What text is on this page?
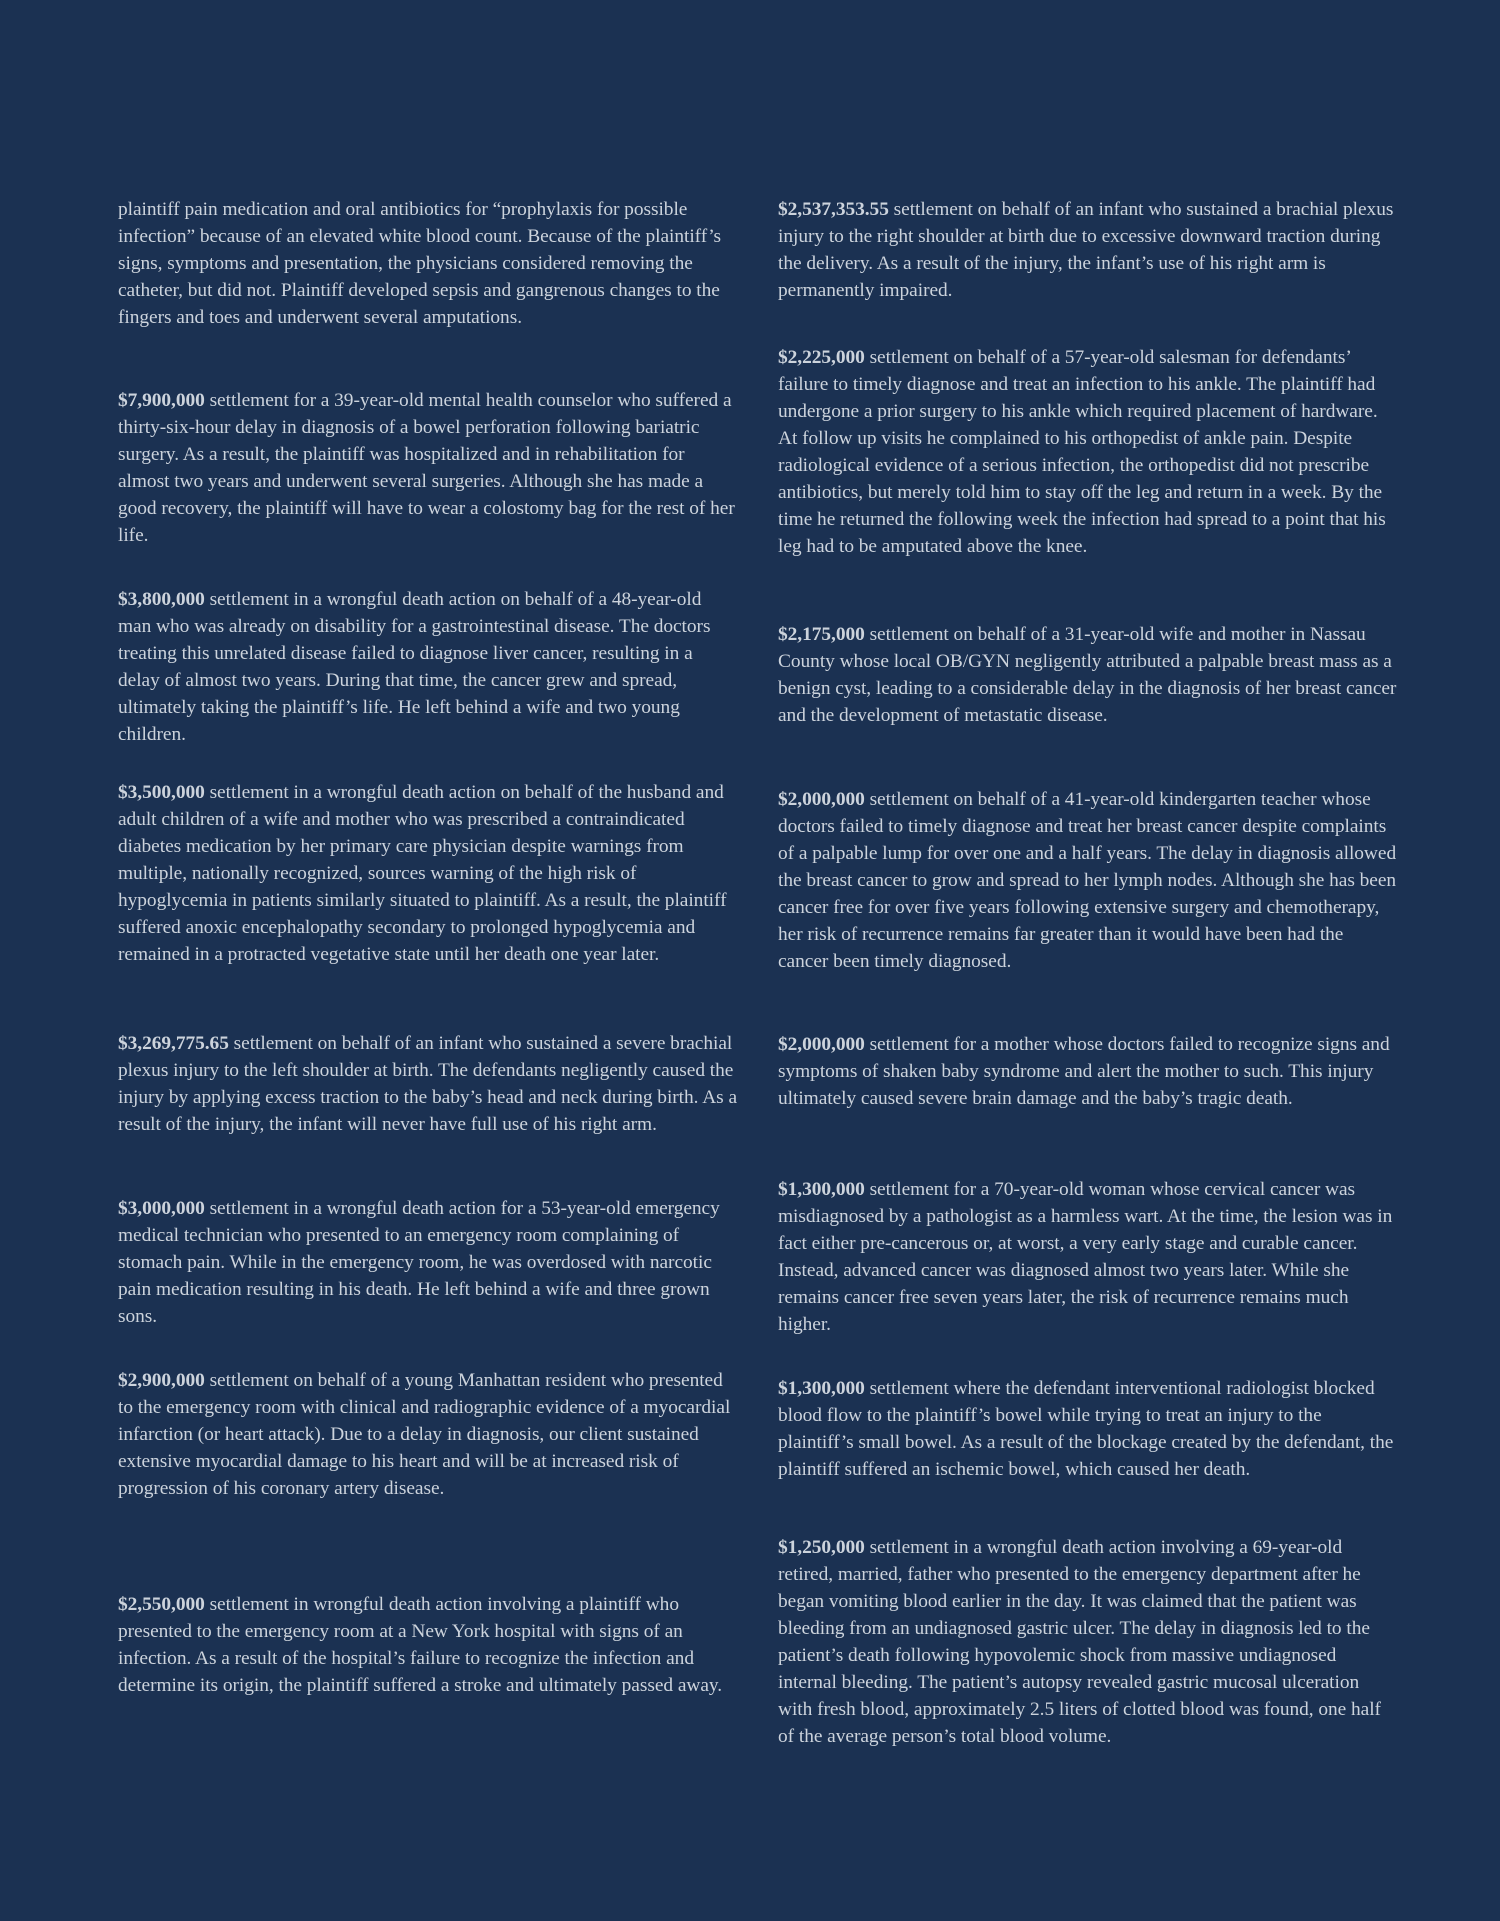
plaintiff pain medication and oral antibiotics for “prophylaxis for possible infection” because of an elevated white blood count. Because of the plaintiff’s signs, symptoms and presentation, the physicians considered removing the catheter, but did not. Plaintiff developed sepsis and gangrenous changes to the fingers and toes and underwent several amputations.

$7,900,000 settlement for a 39-year-old mental health counselor who suffered a thirty-six-hour delay in diagnosis of a bowel perforation following bariatric surgery. As a result, the plaintiff was hospitalized and in rehabilitation for almost two years and underwent several surgeries. Although she has made a good recovery, the plaintiff will have to wear a colostomy bag for the rest of her life.

$3,800,000 settlement in a wrongful death action on behalf of a 48-year-old man who was already on disability for a gastrointestinal disease. The doctors treating this unrelated disease failed to diagnose liver cancer, resulting in a delay of almost two years. During that time, the cancer grew and spread, ultimately taking the plaintiff’s life. He left behind a wife and two young children.

$3,500,000 settlement in a wrongful death action on behalf of the husband and adult children of a wife and mother who was prescribed a contraindicated diabetes medication by her primary care physician despite warnings from multiple, nationally recognized, sources warning of the high risk of hypoglycemia in patients similarly situated to plaintiff. As a result, the plaintiff suffered anoxic encephalopathy secondary to prolonged hypoglycemia and remained in a protracted vegetative state until her death one year later.

$3,269,775.65 settlement on behalf of an infant who sustained a severe brachial plexus injury to the left shoulder at birth. The defendants negligently caused the injury by applying excess traction to the baby’s head and neck during birth. As a result of the injury, the infant will never have full use of his right arm.

$3,000,000 settlement in a wrongful death action for a 53-year-old emergency medical technician who presented to an emergency room complaining of stomach pain. While in the emergency room, he was overdosed with narcotic pain medication resulting in his death. He left behind a wife and three grown sons.

$2,900,000 settlement on behalf of a young Manhattan resident who presented to the emergency room with clinical and radiographic evidence of a myocardial infarction (or heart attack). Due to a delay in diagnosis, our client sustained extensive myocardial damage to his heart and will be at increased risk of progression of his coronary artery disease.

$2,550,000 settlement in wrongful death action involving a plaintiff who presented to the emergency room at a New York hospital with signs of an infection. As a result of the hospital’s failure to recognize the infection and determine its origin, the plaintiff suffered a stroke and ultimately passed away.

$2,537,353.55 settlement on behalf of an infant who sustained a brachial plexus injury to the right shoulder at birth due to excessive downward traction during the delivery. As a result of the injury, the infant’s use of his right arm is permanently impaired.

$2,225,000 settlement on behalf of a 57-year-old salesman for defendants’ failure to timely diagnose and treat an infection to his ankle. The plaintiff had undergone a prior surgery to his ankle which required placement of hardware. At follow up visits he complained to his orthopedist of ankle pain. Despite radiological evidence of a serious infection, the orthopedist did not prescribe antibiotics, but merely told him to stay off the leg and return in a week. By the time he returned the following week the infection had spread to a point that his leg had to be amputated above the knee.

$2,175,000 settlement on behalf of a 31-year-old wife and mother in Nassau County whose local OB/GYN negligently attributed a palpable breast mass as a benign cyst, leading to a considerable delay in the diagnosis of her breast cancer and the development of metastatic disease.

$2,000,000 settlement on behalf of a 41-year-old kindergarten teacher whose doctors failed to timely diagnose and treat her breast cancer despite complaints of a palpable lump for over one and a half years. The delay in diagnosis allowed the breast cancer to grow and spread to her lymph nodes. Although she has been cancer free for over five years following extensive surgery and chemotherapy, her risk of recurrence remains far greater than it would have been had the cancer been timely diagnosed.

$2,000,000 settlement for a mother whose doctors failed to recognize signs and symptoms of shaken baby syndrome and alert the mother to such. This injury ultimately caused severe brain damage and the baby’s tragic death.

$1,300,000 settlement for a 70-year-old woman whose cervical cancer was misdiagnosed by a pathologist as a harmless wart. At the time, the lesion was in fact either pre-cancerous or, at worst, a very early stage and curable cancer. Instead, advanced cancer was diagnosed almost two years later. While she remains cancer free seven years later, the risk of recurrence remains much higher.

$1,300,000 settlement where the defendant interventional radiologist blocked blood flow to the plaintiff’s bowel while trying to treat an injury to the plaintiff’s small bowel. As a result of the blockage created by the defendant, the plaintiff suffered an ischemic bowel, which caused her death.

$1,250,000 settlement in a wrongful death action involving a 69-year-old retired, married, father who presented to the emergency department after he began vomiting blood earlier in the day. It was claimed that the patient was bleeding from an undiagnosed gastric ulcer. The delay in diagnosis led to the patient’s death following hypovolemic shock from massive undiagnosed internal bleeding. The patient’s autopsy revealed gastric mucosal ulceration with fresh blood, approximately 2.5 liters of clotted blood was found, one half of the average person’s total blood volume.
